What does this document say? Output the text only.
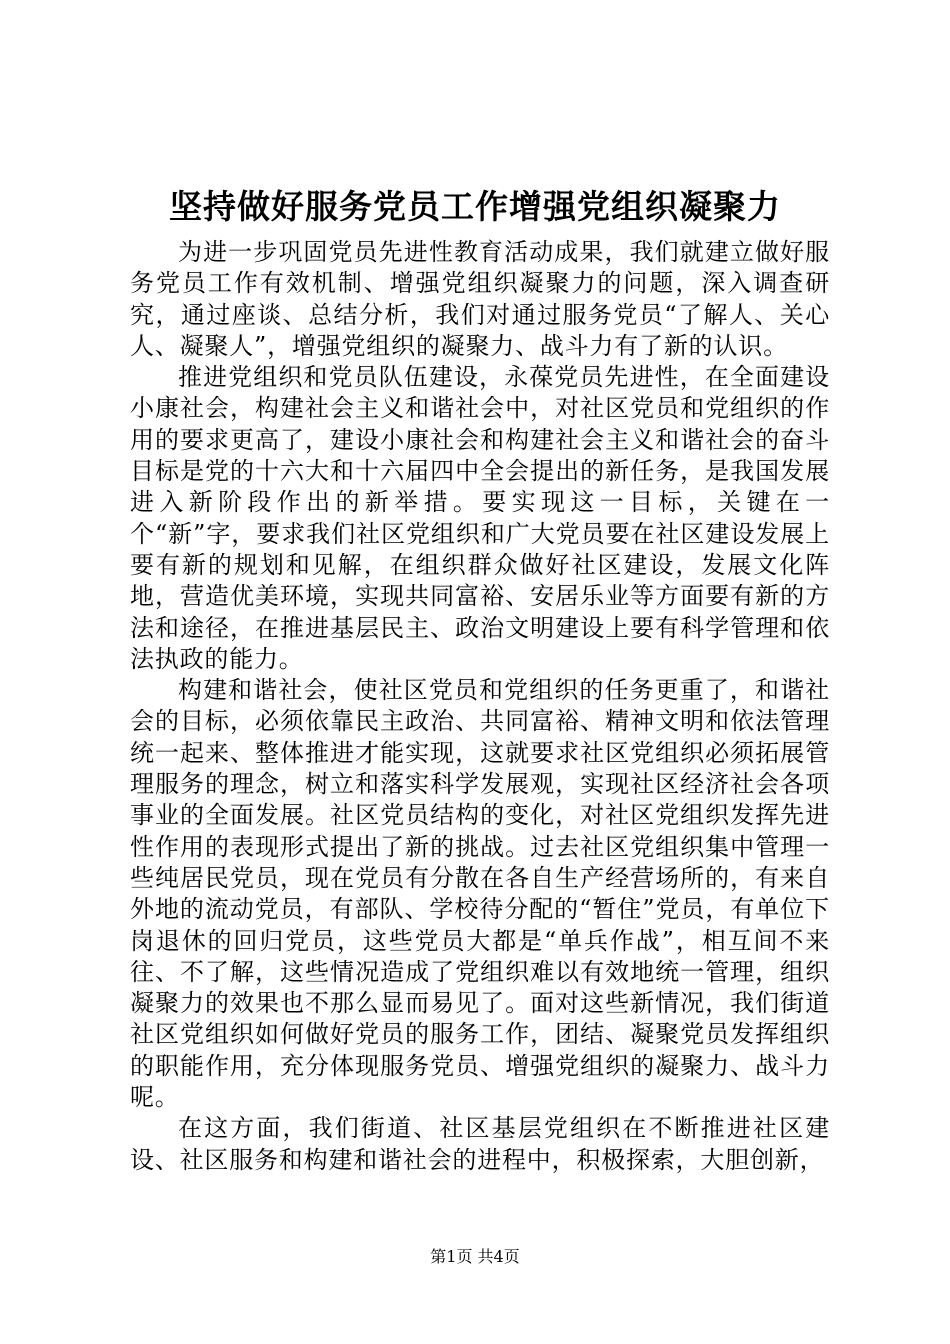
坚持做好服务党员工作增强党组织凝聚力

为进一步巩固党员先进性教育活动成果，我们就建立做好服务党员工作有效机制、增强党组织凝聚力的问题，深入调查研究，通过座谈、总结分析，我们对通过服务党员“了解人、关心人、凝聚人”，增强党组织的凝聚力、战斗力有了新的认识。

推进党组织和党员队伍建设，永葆党员先进性，在全面建设小康社会，构建社会主义和谐社会中，对社区党员和党组织的作用的要求更高了，建设小康社会和构建社会主义和谐社会的奋斗目标是党的十六大和十六届四中全会提出的新任务，是我国发展进入新阶段作出的新举措。要实现这一目标，关键在一个“新”字，要求我们社区党组织和广大党员要在社区建设发展上要有新的规划和见解，在组织群众做好社区建设，发展文化阵地，营造优美环境，实现共同富裕、安居乐业等方面要有新的方法和途径，在推进基层民主、政治文明建设上要有科学管理和依法执政的能力。

构建和谐社会，使社区党员和党组织的任务更重了，和谐社会的目标，必须依靠民主政治、共同富裕、精神文明和依法管理统一起来、整体推进才能实现，这就要求社区党组织必须拓展管理服务的理念，树立和落实科学发展观，实现社区经济社会各项事业的全面发展。社区党员结构的变化，对社区党组织发挥先进性作用的表现形式提出了新的挑战。过去社区党组织集中管理一些纯居民党员，现在党员有分散在各自生产经营场所的，有来自外地的流动党员，有部队、学校待分配的“暂住”党员，有单位下岗退休的回归党员，这些党员大都是“单兵作战”，相互间不来往、不了解，这些情况造成了党组织难以有效地统一管理，组织凝聚力的效果也不那么显而易见了。面对这些新情况，我们街道社区党组织如何做好党员的服务工作，团结、凝聚党员发挥组织的职能作用，充分体现服务党员、增强党组织的凝聚力、战斗力呢。

在这方面，我们街道、社区基层党组织在不断推进社区建设、社区服务和构建和谐社会的进程中，积极探索，大胆创新，

第1页 共4页
